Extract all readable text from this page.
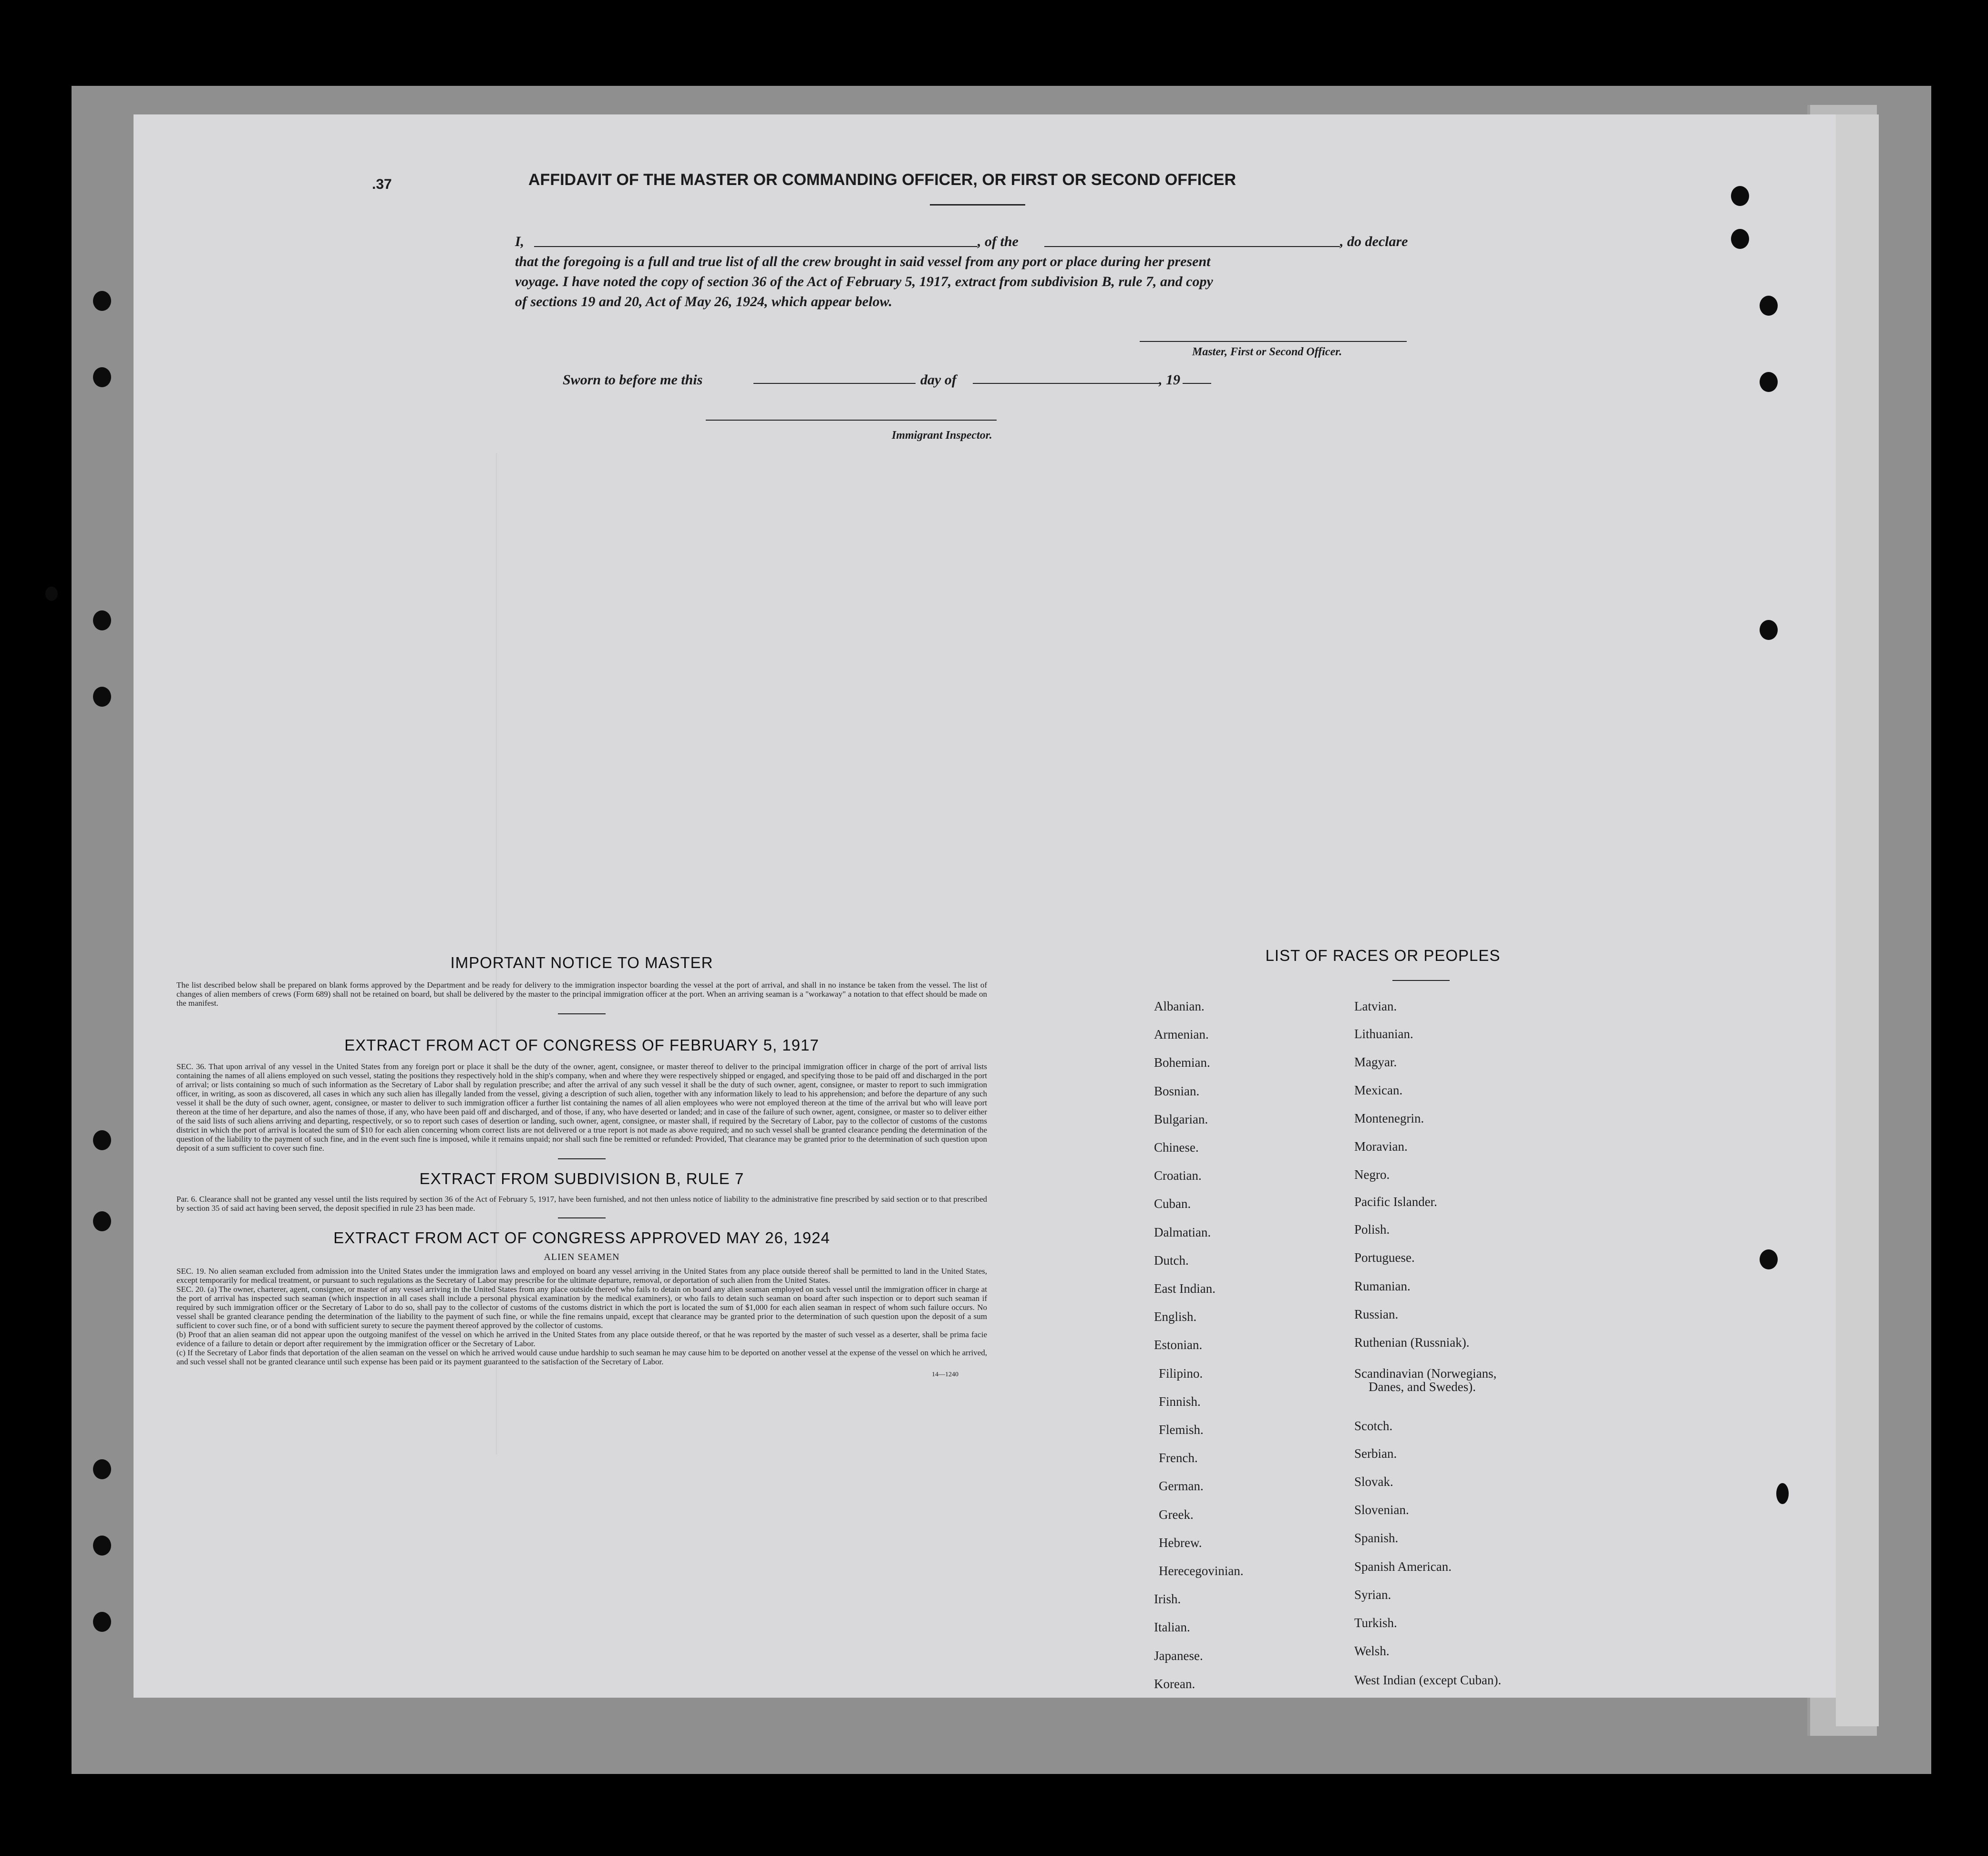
.37	AFFIDAVIT OF THE MASTER OR COMMANDING OFFICER, OR FIRST OR SECOND OFFICER
I,	, of the	, do declare
that the foregoing is a full and true list of all the crew brought in said vessel from any port or place during her present
voyage. I have noted the copy of section 36 of the Act of February 5, 1917, extract from subdivision B, rule 7, and copy
of sections 19 and 20, Act of May 26, 1924, which appear below.
Master, First or Second Officer.
Sworn to before me this	day of	, 19
Immigrant Inspector.
IMPORTANT NOTICE TO MASTER
The list described below shall be prepared on blank forms approved by the Department and be ready for delivery to the immigration inspector boarding the vessel at the port of arrival, and shall in no instance be taken from the vessel. The list of changes of alien members of crews (Form 689) shall not be retained on board, but shall be delivered by the master to the principal immigration officer at the port. When an arriving seaman is a "workaway" a notation to that effect should be made on the manifest.
EXTRACT FROM ACT OF CONGRESS OF FEBRUARY 5, 1917
SEC. 36. That upon arrival of any vessel in the United States from any foreign port or place it shall be the duty of the owner, agent, consignee, or master thereof to deliver to the principal immigration officer in charge of the port of arrival lists containing the names of all aliens employed on such vessel, stating the positions they respectively hold in the ship's company, when and where they were respectively shipped or engaged, and specifying those to be paid off and discharged in the port of arrival; or lists containing so much of such information as the Secretary of Labor shall by regulation prescribe; and after the arrival of any such vessel it shall be the duty of such owner, agent, consignee, or master to report to such immigration officer, in writing, as soon as discovered, all cases in which any such alien has illegally landed from the vessel, giving a description of such alien, together with any information likely to lead to his apprehension; and before the departure of any such vessel it shall be the duty of such owner, agent, consignee, or master to deliver to such immigration officer a further list containing the names of all alien employees who were not employed thereon at the time of the arrival but who will leave port thereon at the time of her departure, and also the names of those, if any, who have been paid off and discharged, and of those, if any, who have deserted or landed; and in case of the failure of such owner, agent, consignee, or master so to deliver either of the said lists of such aliens arriving and departing, respectively, or so to report such cases of desertion or landing, such owner, agent, consignee, or master shall, if required by the Secretary of Labor, pay to the collector of customs of the customs district in which the port of arrival is located the sum of $10 for each alien concerning whom correct lists are not delivered or a true report is not made as above required; and no such vessel shall be granted clearance pending the determination of the question of the liability to the payment of such fine, and in the event such fine is imposed, while it remains unpaid; nor shall such fine be remitted or refunded: Provided, That clearance may be granted prior to the determination of such question upon deposit of a sum sufficient to cover such fine.
EXTRACT FROM SUBDIVISION B, RULE 7
Par. 6. Clearance shall not be granted any vessel until the lists required by section 36 of the Act of February 5, 1917, have been furnished, and not then unless notice of liability to the administrative fine prescribed by said section or to that prescribed by section 35 of said act having been served, the deposit specified in rule 23 has been made.
EXTRACT FROM ACT OF CONGRESS APPROVED MAY 26, 1924
ALIEN SEAMEN
SEC. 19. No alien seaman excluded from admission into the United States under the immigration laws and employed on board any vessel arriving in the United States from any place outside thereof shall be permitted to land in the United States, except temporarily for medical treatment, or pursuant to such regulations as the Secretary of Labor may prescribe for the ultimate departure, removal, or deportation of such alien from the United States.
SEC. 20. (a) The owner, charterer, agent, consignee, or master of any vessel arriving in the United States from any place outside thereof who fails to detain on board any alien seaman employed on such vessel until the immigration officer in charge at the port of arrival has inspected such seaman (which inspection in all cases shall include a personal physical examination by the medical examiners), or who fails to detain such seaman on board after such inspection or to deport such seaman if required by such immigration officer or the Secretary of Labor to do so, shall pay to the collector of customs of the customs district in which the port is located the sum of $1,000 for each alien seaman in respect of whom such failure occurs. No vessel shall be granted clearance pending the determination of the liability to the payment of such fine, or while the fine remains unpaid, except that clearance may be granted prior to the determination of such question upon the deposit of a sum sufficient to cover such fine, or of a bond with sufficient surety to secure the payment thereof approved by the collector of customs.
(b) Proof that an alien seaman did not appear upon the outgoing manifest of the vessel on which he arrived in the United States from any place outside thereof, or that he was reported by the master of such vessel as a deserter, shall be prima facie evidence of a failure to detain or deport after requirement by the immigration officer or the Secretary of Labor.
(c) If the Secretary of Labor finds that deportation of the alien seaman on the vessel on which he arrived would cause undue hardship to such seaman he may cause him to be deported on another vessel at the expense of the vessel on which he arrived, and such vessel shall not be granted clearance until such expense has been paid or its payment guaranteed to the satisfaction of the Secretary of Labor.
14—1240
LIST OF RACES OR PEOPLES
Albanian.
Armenian.
Bohemian.
Bosnian.
Bulgarian.
Chinese.
Croatian.
Cuban.
Dalmatian.
Dutch.
East Indian.
English.
Estonian.
Filipino.
Finnish.
Flemish.
French.
German.
Greek.
Hebrew.
Herecegovinian.
Irish.
Italian.
Japanese.
Korean.
Latvian.
Lithuanian.
Magyar.
Mexican.
Montenegrin.
Moravian.
Negro.
Pacific Islander.
Polish.
Portuguese.
Rumanian.
Russian.
Ruthenian (Russniak).
Scandinavian (Norwegians,
Danes, and Swedes).
Scotch.
Serbian.
Slovak.
Slovenian.
Spanish.
Spanish American.
Syrian.
Turkish.
Welsh.
West Indian (except Cuban).
